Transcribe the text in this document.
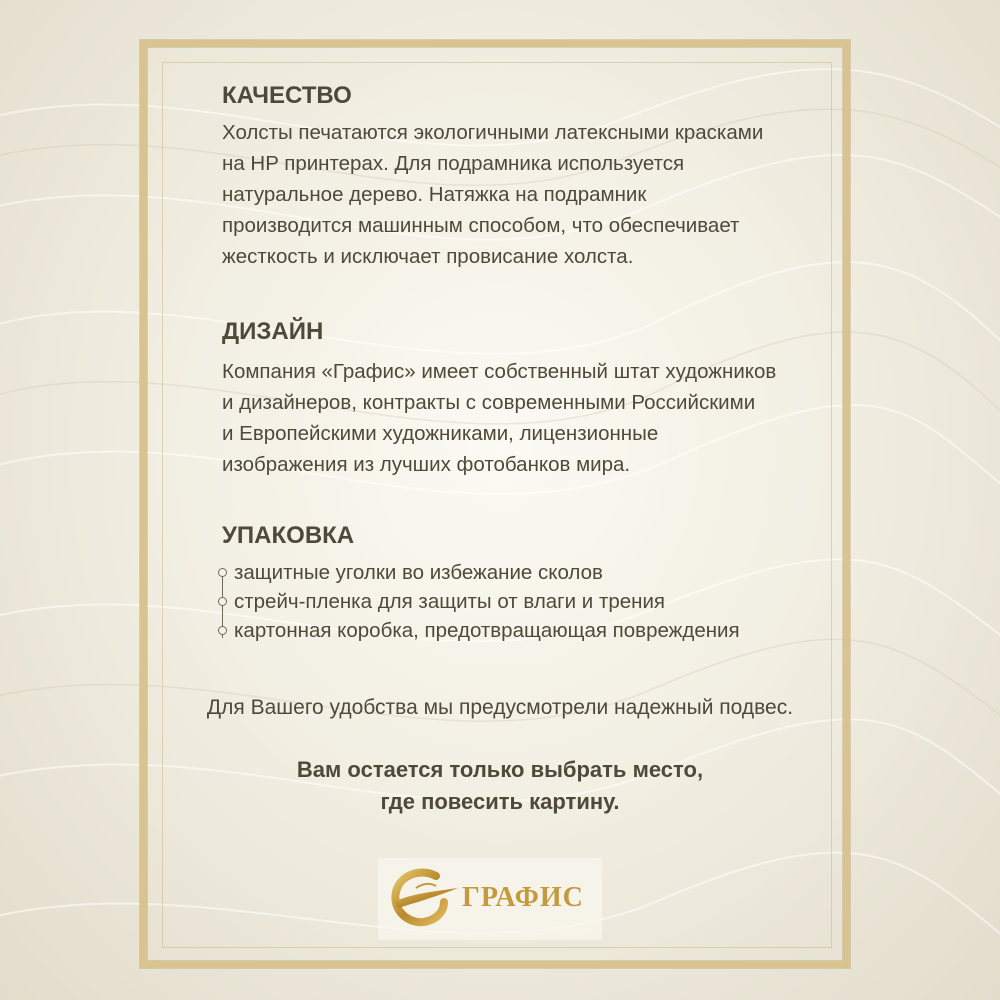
КАЧЕСТВО
Холсты печатаются экологичными латексными красками
на HP принтерах. Для подрамника используется
натуральное дерево. Натяжка на подрамник
производится машинным способом, что обеспечивает
жесткость и исключает провисание холста.
ДИЗАЙН
Компания «Графис» имеет собственный штат художников
и дизайнеров, контракты с современными Российскими
и Европейскими художниками, лицензионные
изображения из лучших фотобанков мира.
УПАКОВКА
защитные уголки во избежание сколов
стрейч-пленка для защиты от влаги и трения
картонная коробка, предотвращающая повреждения
Для Вашего удобства мы предусмотрели надежный подвес.
Вам остается только выбрать место,
где повесить картину.
ГРАФИС
